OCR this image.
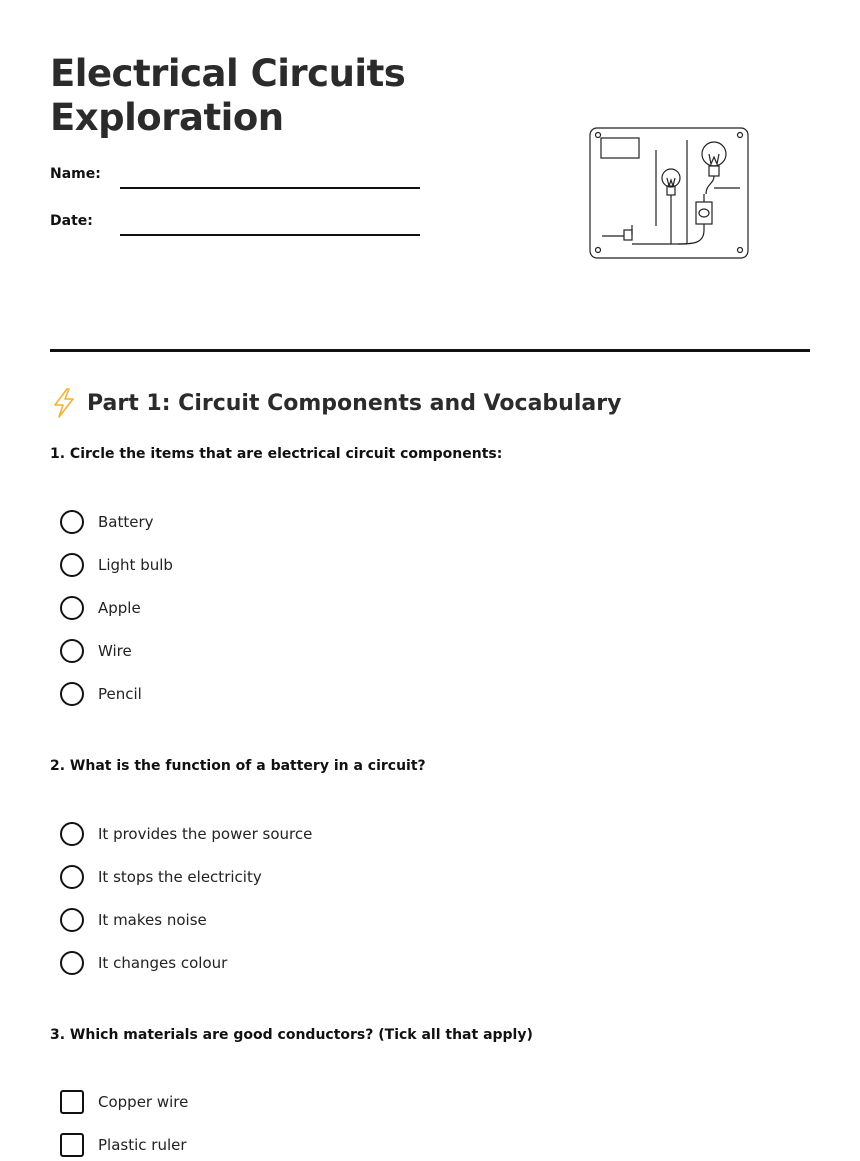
Electrical Circuits
Exploration
Name:
Date:
Part 1: Circuit Components and Vocabulary
1. Circle the items that are electrical circuit components:
Battery
Light bulb
Apple
Wire
Pencil
2. What is the function of a battery in a circuit?
It provides the power source
It stops the electricity
It makes noise
It changes colour
3. Which materials are good conductors? (Tick all that apply)
Copper wire
Plastic ruler
